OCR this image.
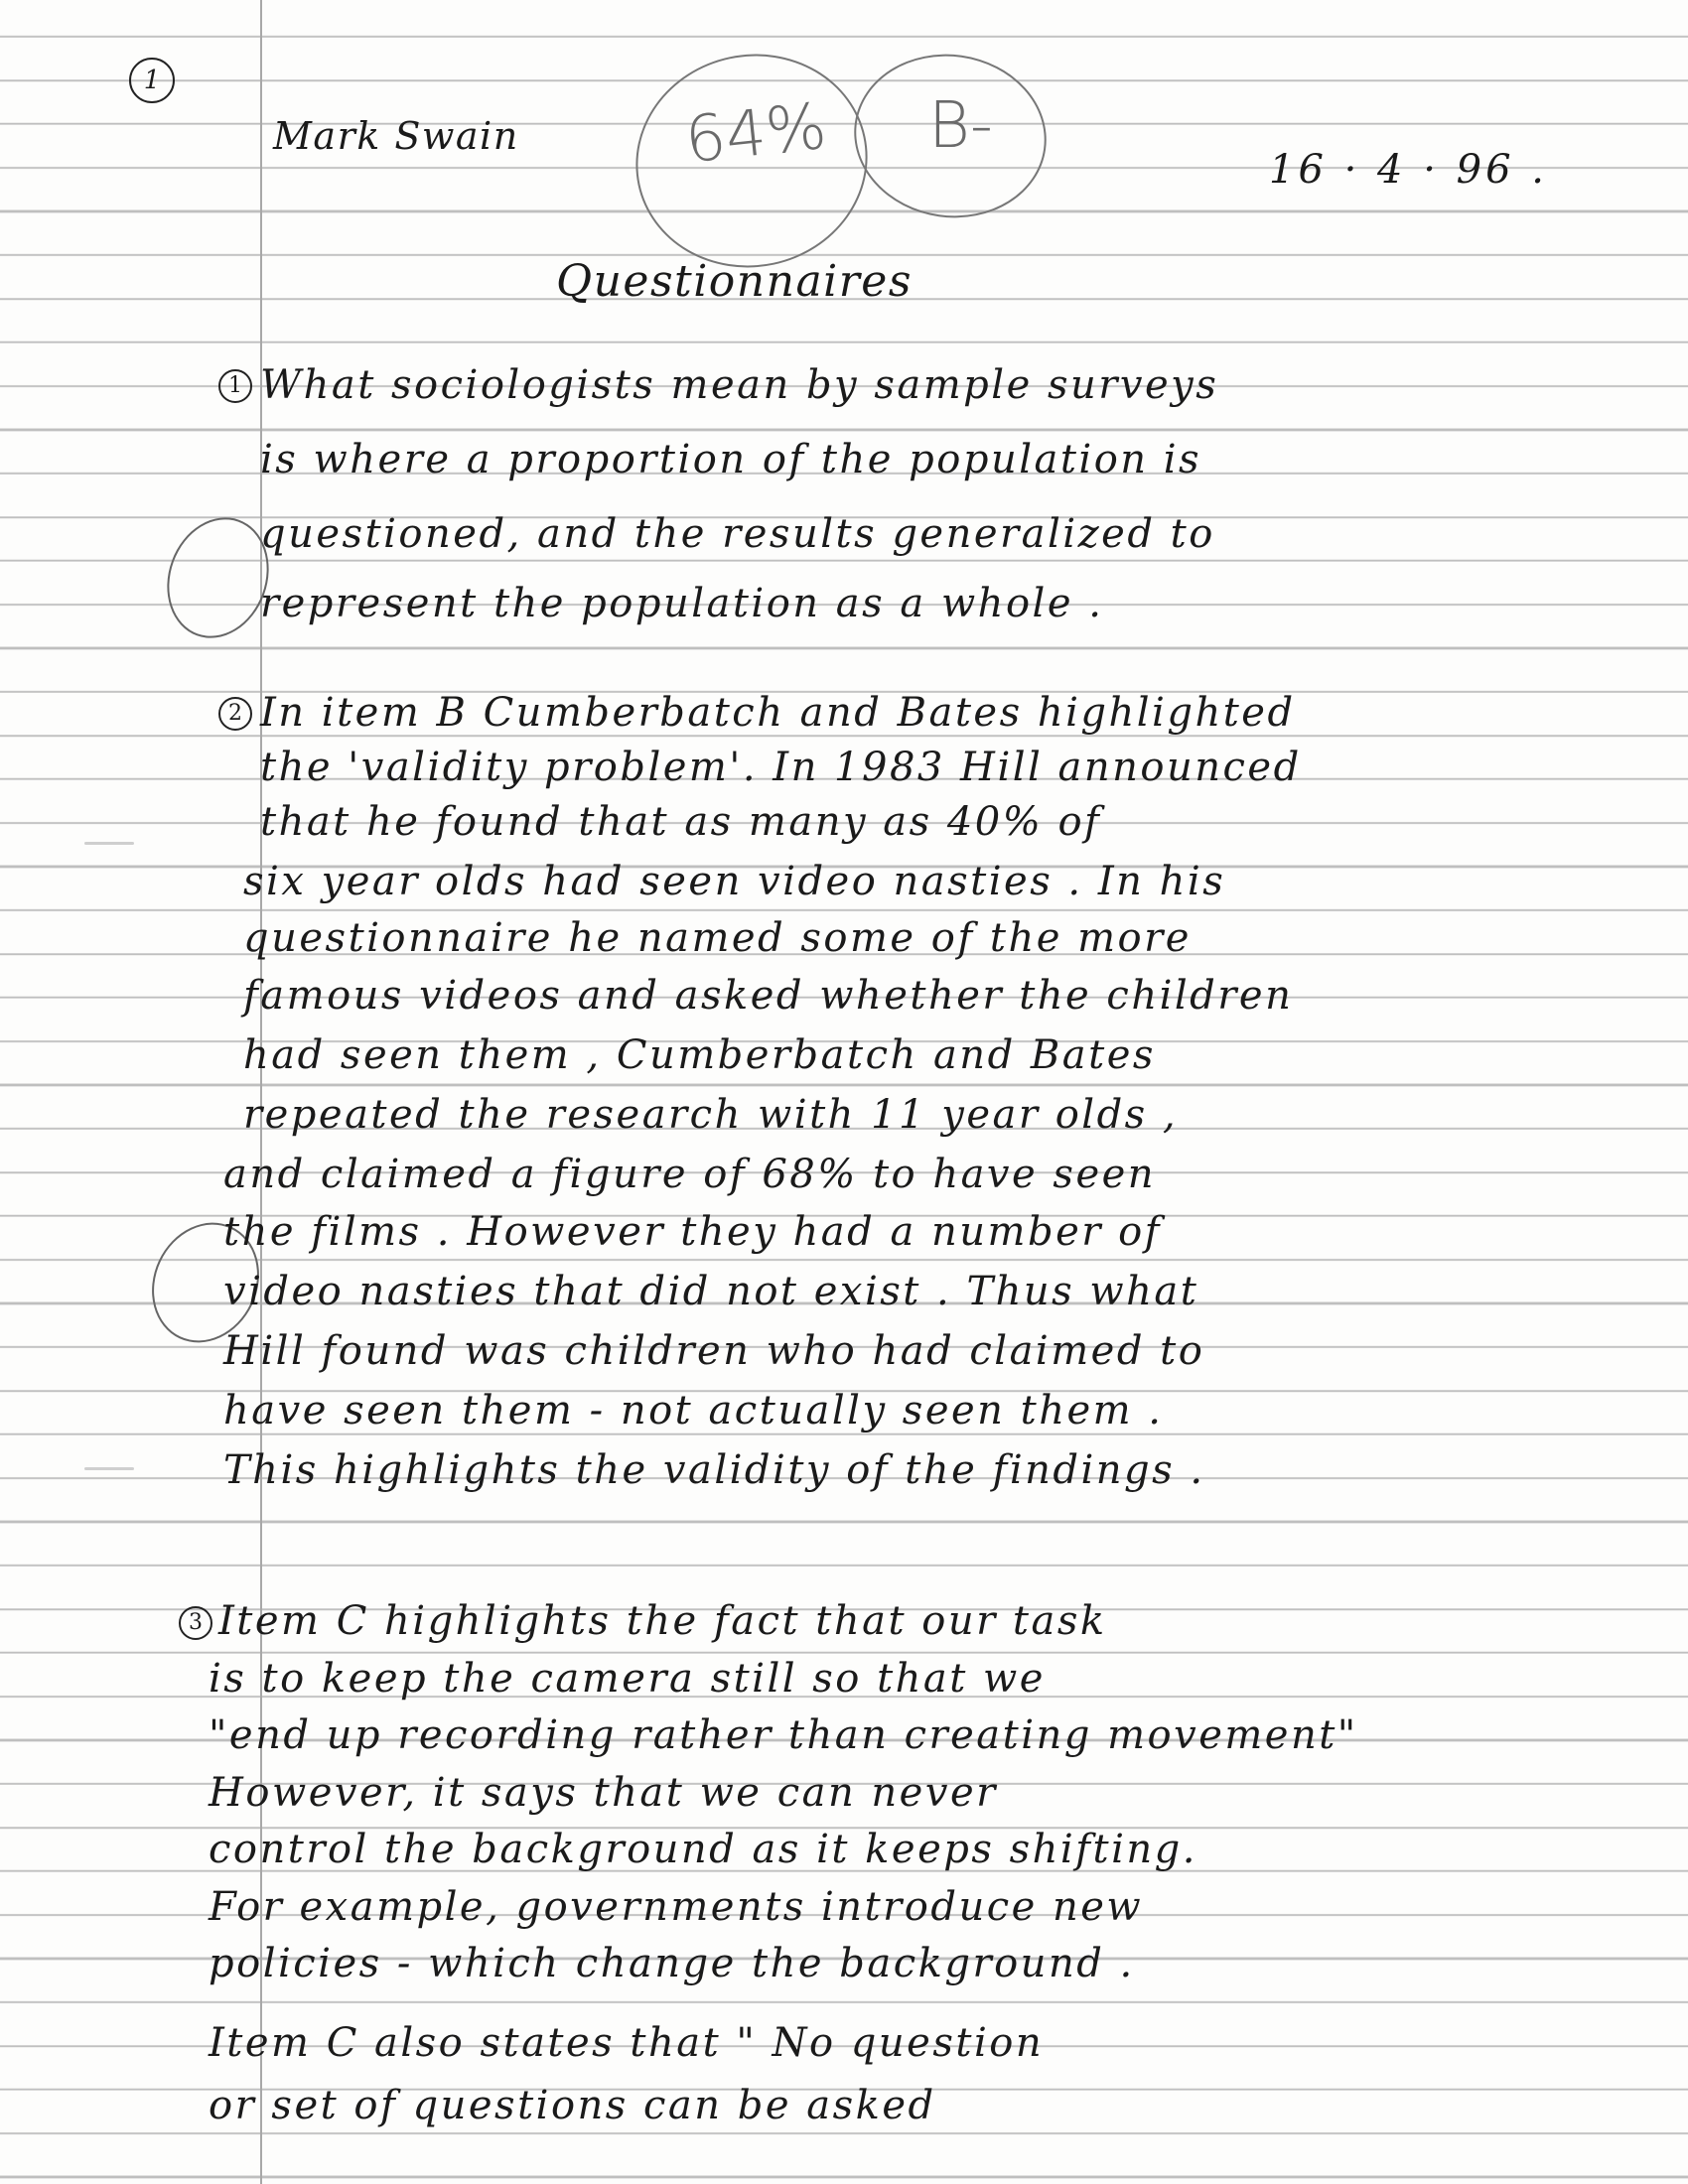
1
Mark Swain
16 · 4 · 96 .
Questionnaires
64% B-
1 What sociologists mean by sample surveys
is where a proportion of the population is
questioned, and the results generalized to
represent the population as a whole .
2 In item B Cumberbatch and Bates highlighted
the 'validity problem'. In 1983 Hill announced
that he found that as many as 40% of
six year olds had seen video nasties . In his
questionnaire he named some of the more
famous videos and asked whether the children
had seen them , Cumberbatch and Bates
repeated the research with 11 year olds ,
and claimed a figure of 68% to have seen
the films . However they had a number of
video nasties that did not exist . Thus what
Hill found was children who had claimed to
have seen them - not actually seen them .
This highlights the validity of the findings .
3 Item C highlights the fact that our task
is to keep the camera still so that we
"end up recording rather than creating movement"
However, it says that we can never
control the background as it keeps shifting.
For example, governments introduce new
policies - which change the background .
Item C also states that " No question
or set of questions can be asked
